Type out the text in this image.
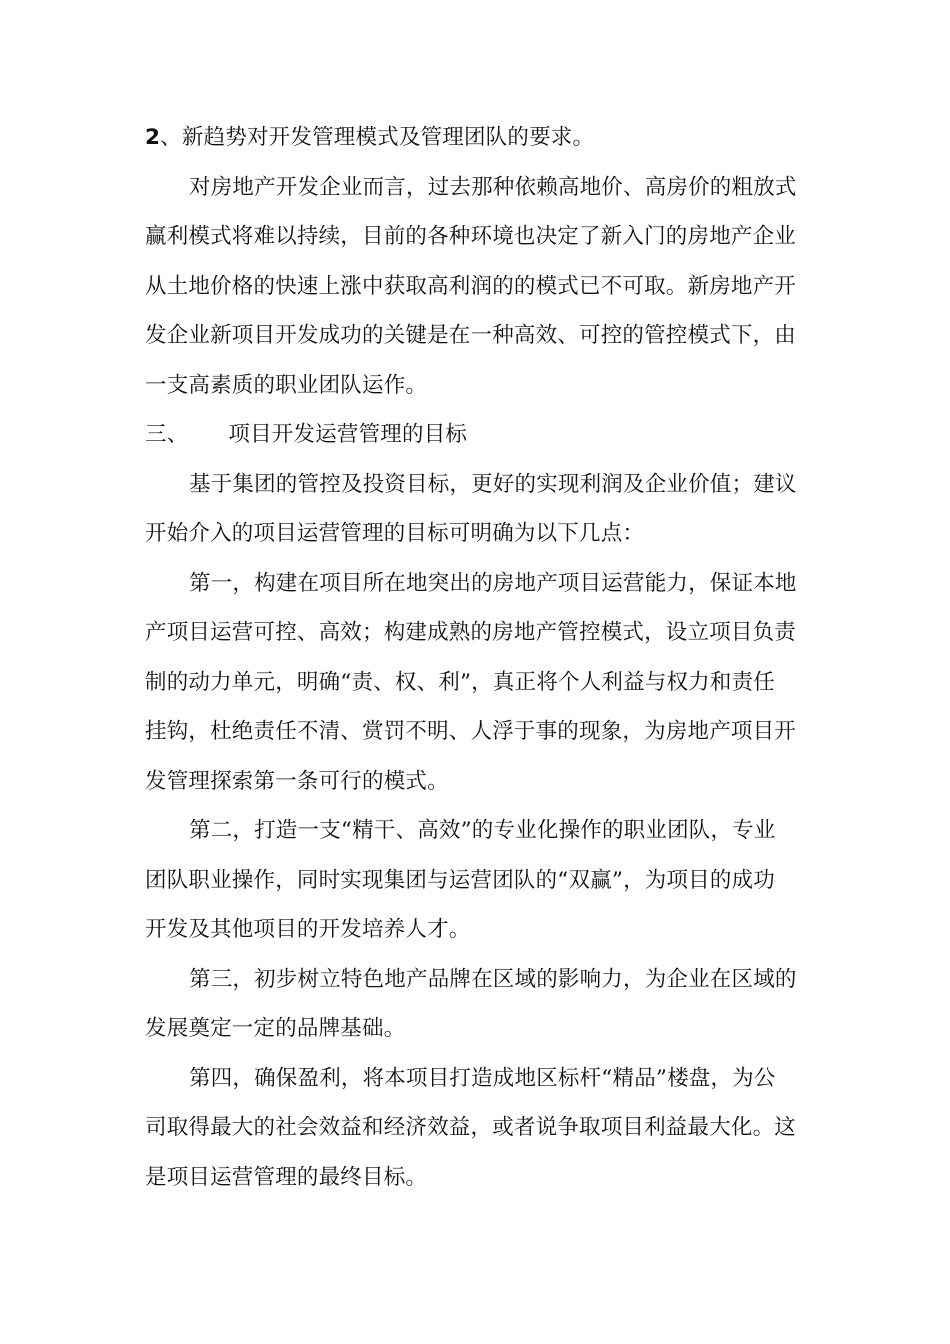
2、新趋势对开发管理模式及管理团队的要求。
对房地产开发企业而言，过去那种依赖高地价、高房价的粗放式
赢利模式将难以持续，目前的各种环境也决定了新入门的房地产企业
从土地价格的快速上涨中获取高利润的的模式已不可取。新房地产开
发企业新项目开发成功的关键是在一种高效、可控的管控模式下，由
一支高素质的职业团队运作。
三、 项目开发运营管理的目标
基于集团的管控及投资目标，更好的实现利润及企业价值；建议
开始介入的项目运营管理的目标可明确为以下几点：
第一，构建在项目所在地突出的房地产项目运营能力，保证本地
产项目运营可控、高效；构建成熟的房地产管控模式，设立项目负责
制的动力单元，明确“责、权、利”，真正将个人利益与权力和责任
挂钩，杜绝责任不清、赏罚不明、人浮于事的现象，为房地产项目开
发管理探索第一条可行的模式。
第二，打造一支“精干、高效”的专业化操作的职业团队，专业
团队职业操作，同时实现集团与运营团队的“双赢”，为项目的成功
开发及其他项目的开发培养人才。
第三，初步树立特色地产品牌在区域的影响力，为企业在区域的
发展奠定一定的品牌基础。
第四，确保盈利，将本项目打造成地区标杆“精品”楼盘，为公
司取得最大的社会效益和经济效益，或者说争取项目利益最大化。这
是项目运营管理的最终目标。
